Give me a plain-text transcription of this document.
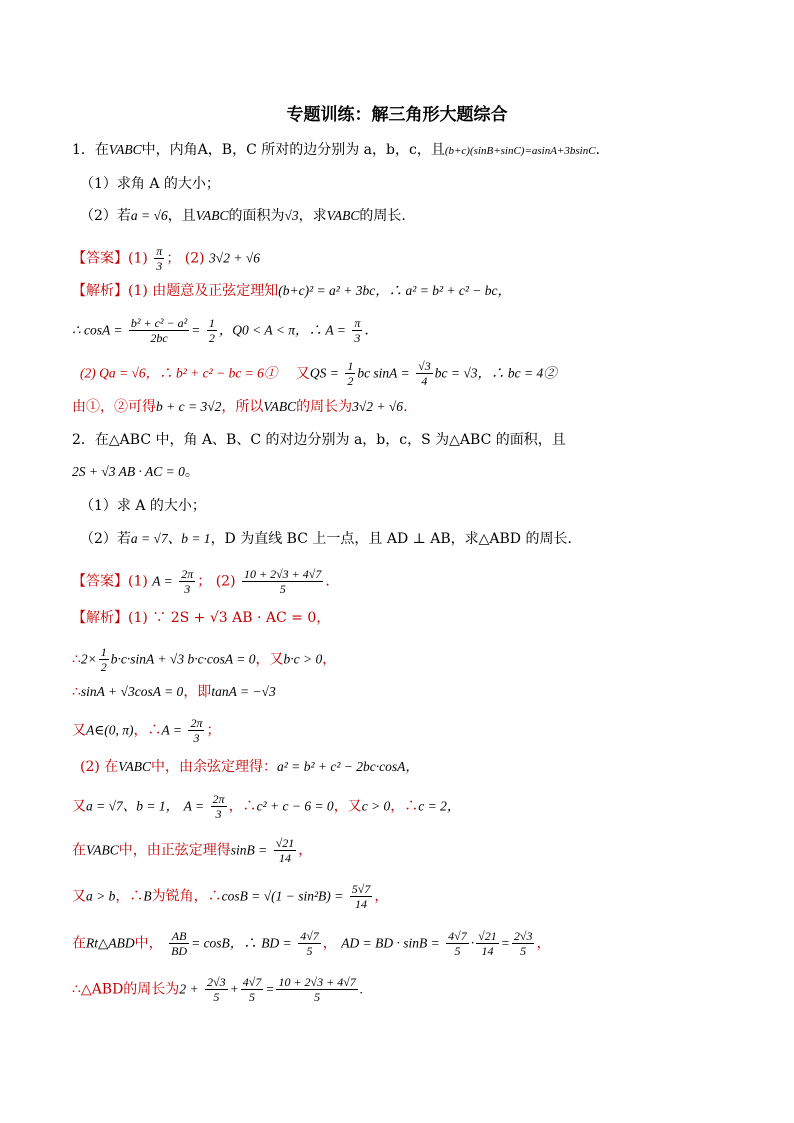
专题训练：解三角形大题综合
1．在VABC中，内角A，B，C 所对的边分别为 a，b，c，且(b+c)(sinB+sinC)=asinA+3bsinC.
（1）求角 A 的大小；
（2）若a = √6，且VABC的面积为√3，求VABC的周长.
【答案】$(1) \frac{\pi}{3}$ ； (2) 3√2 + √6
【解析】(1) 由题意及正弦定理知(b+c)² = a² + 3bc，∴ a² = b² + c² − bc，
∴ $\cos A = \frac{\text{b² + c² − a²}}{2bc} = \frac{1}{2}$ ，Q0 < A < π，∴ $A = \frac{\pi}{3}$ .
(2) Qa = √6，∴ b² + c² − bc = 6① 又QS = $\frac{1}{2}$ bc $\sin A = \frac{√3}{4}$ bc = √3，∴ bc = 4②
由①，②可得b + c = 3√2，所以VABC的周长为3√2 + √6.
2．在△ABC 中，角 A、B、C 的对边分别为 a，b，c，S 为△ABC 的面积，且
2S + √3 AB · AC = 0。
（1）求 A 的大小；
（2）若a = √7、b = 1，D 为直线 BC 上一点，且 AD ⊥ AB，求△ABD 的周长．
【答案】(1) $A = \frac{2\pi}{3}$ ； $(2) \frac{10 + 2√3 + 4√7}{5}$ .
【解析】(1) ∵ 2S + √3 AB · AC = 0，
∴2× $\frac{1}{2} b\cdot c\cdot\sin A + √3$ b·c·cosA = 0，又b·c > 0，
∴sinA + √3cosA = 0，即tanA = −√3
又A∈(0, π)，∴A = $\frac{2\pi}{3}$ ；
(2) 在VABC中，由余弦定理得：a² = b² + c² − 2bc·cosA，
又a = √7、b = 1， $A = \frac{2\pi}{3}$ ，∴c² + c − 6 = 0，又c > 0，∴c = 2，
在VABC中，由正弦定理得$\sin B = \frac{√21}{14}$ ，
又a > b，∴B为锐角，∴cosB = $√(1 - \sin^2B) = \frac{5√7}{14}$ ，
在Rt△ABD中， $\frac{AB}{BD} = \cos B$，∴ BD = $\frac{4√7}{5}$ ， AD = BD · $\sin B = \frac{4√7}{5} \cdot \frac{√21}{14} = \frac{2√3}{5}$ ，
∴△ABD的周长为$2 + \frac{2√3}{5} + \frac{4√7}{5} = \frac{10 + 2√3 + 4√7}{5}$ .
